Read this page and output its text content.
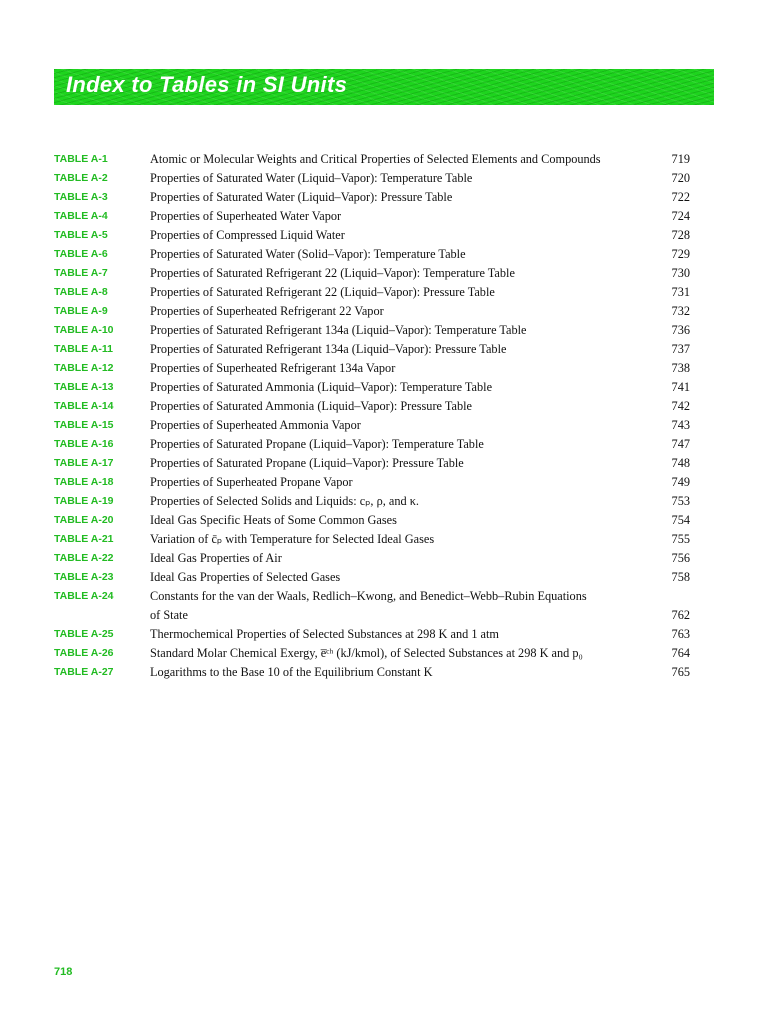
Index to Tables in SI Units
TABLE A-1	Atomic or Molecular Weights and Critical Properties of Selected Elements and Compounds	719
TABLE A-2	Properties of Saturated Water (Liquid–Vapor): Temperature Table	720
TABLE A-3	Properties of Saturated Water (Liquid–Vapor): Pressure Table	722
TABLE A-4	Properties of Superheated Water Vapor	724
TABLE A-5	Properties of Compressed Liquid Water	728
TABLE A-6	Properties of Saturated Water (Solid–Vapor): Temperature Table	729
TABLE A-7	Properties of Saturated Refrigerant 22 (Liquid–Vapor): Temperature Table	730
TABLE A-8	Properties of Saturated Refrigerant 22 (Liquid–Vapor): Pressure Table	731
TABLE A-9	Properties of Superheated Refrigerant 22 Vapor	732
TABLE A-10	Properties of Saturated Refrigerant 134a (Liquid–Vapor): Temperature Table	736
TABLE A-11	Properties of Saturated Refrigerant 134a (Liquid–Vapor): Pressure Table	737
TABLE A-12	Properties of Superheated Refrigerant 134a Vapor	738
TABLE A-13	Properties of Saturated Ammonia (Liquid–Vapor): Temperature Table	741
TABLE A-14	Properties of Saturated Ammonia (Liquid–Vapor): Pressure Table	742
TABLE A-15	Properties of Superheated Ammonia Vapor	743
TABLE A-16	Properties of Saturated Propane (Liquid–Vapor): Temperature Table	747
TABLE A-17	Properties of Saturated Propane (Liquid–Vapor): Pressure Table	748
TABLE A-18	Properties of Superheated Propane Vapor	749
TABLE A-19	Properties of Selected Solids and Liquids: cₚ, ρ, and κ.	753
TABLE A-20	Ideal Gas Specific Heats of Some Common Gases	754
TABLE A-21	Variation of c̄ₚ with Temperature for Selected Ideal Gases	755
TABLE A-22	Ideal Gas Properties of Air	756
TABLE A-23	Ideal Gas Properties of Selected Gases	758
TABLE A-24	Constants for the van der Waals, Redlich–Kwong, and Benedict–Webb–Rubin Equations
of State	762
TABLE A-25	Thermochemical Properties of Selected Substances at 298 K and 1 atm	763
TABLE A-26	Standard Molar Chemical Exergy, e̅ᶜʰ (kJ/kmol), of Selected Substances at 298 K and p₀	764
TABLE A-27	Logarithms to the Base 10 of the Equilibrium Constant K	765
718
